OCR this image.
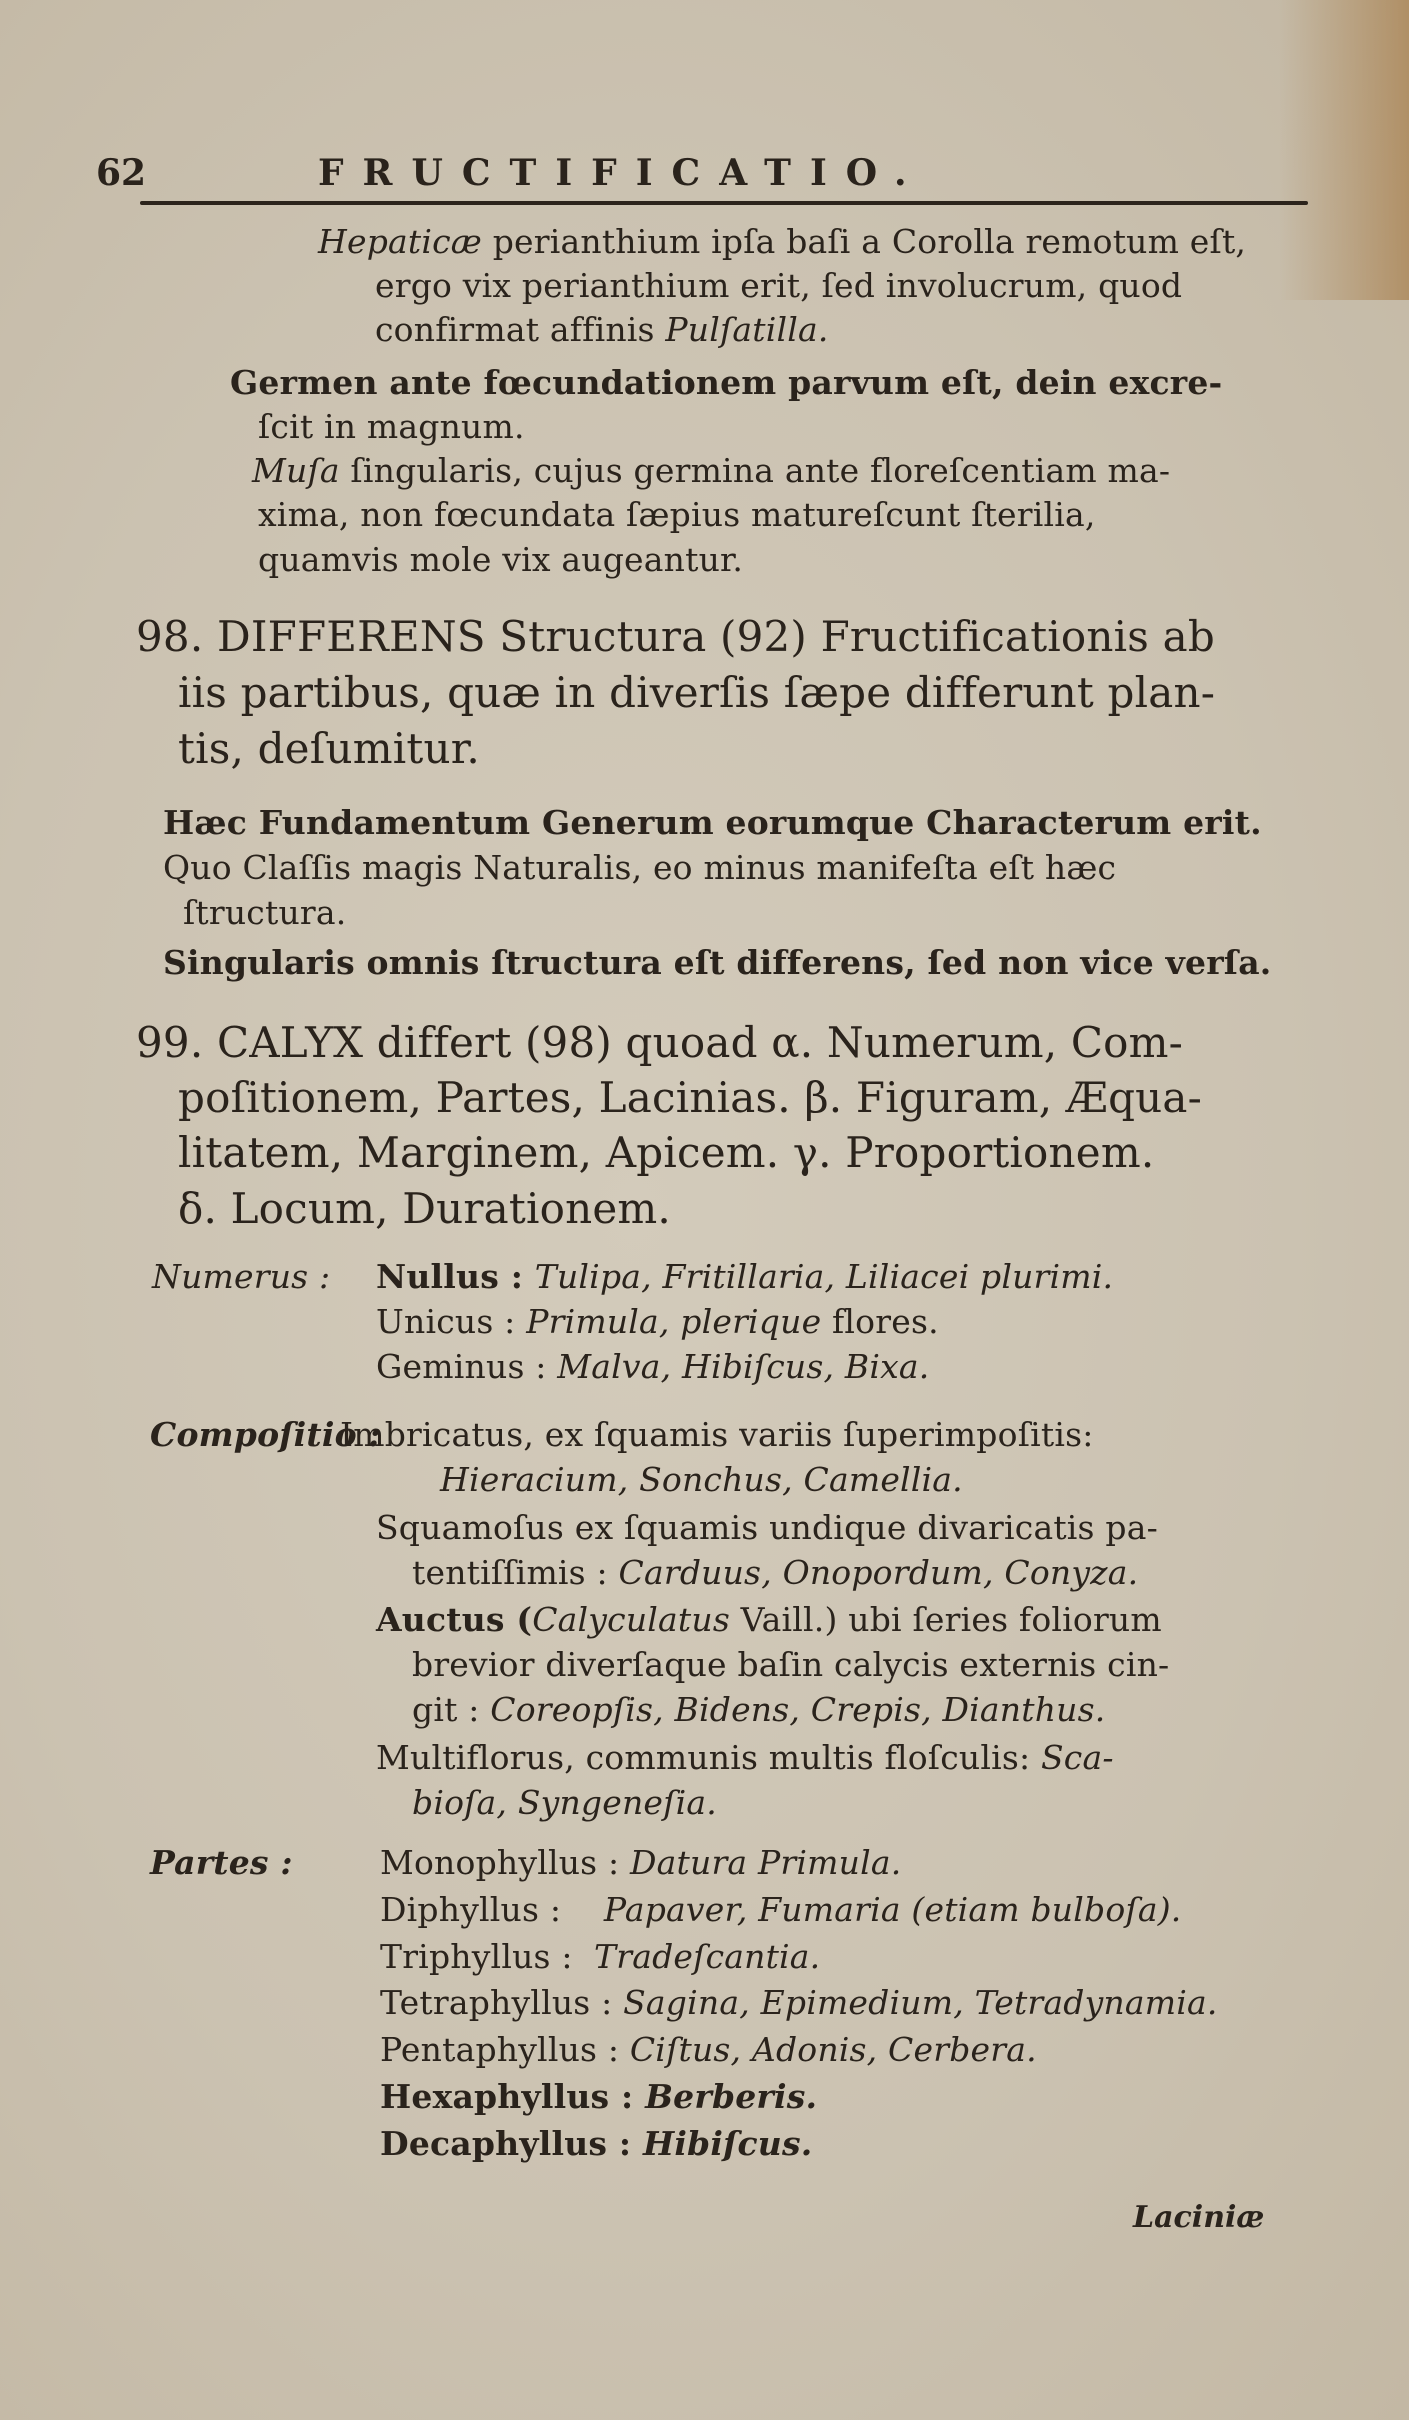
62	FRUCTIFICATIO.
Hepaticæ perianthium ipſa baſi a Corolla remotum eſt,
ergo vix perianthium erit, ſed involucrum, quod
confirmat affinis Pulſatilla.
Germen ante fœcundationem parvum eſt, dein excre-
ſcit in magnum.
Muſa ſingularis, cujus germina ante floreſcentiam ma-
xima, non fœcundata ſæpius matureſcunt ſterilia,
quamvis mole vix augeantur.
98. DIFFERENS Structura (92) Fructificationis ab
iis partibus, quæ in diverſis ſæpe differunt plan-
tis, deſumitur.
Hæc Fundamentum Generum eorumque Characterum erit.
Quo Claſſis magis Naturalis, eo minus manifeſta eſt hæc
ſtructura.
Singularis omnis ſtructura eſt differens, ſed non vice verſa.
99. CALYX differt (98) quoad α. Numerum, Com-
poſitionem, Partes, Lacinias. β. Figuram, Æqua-
litatem, Marginem, Apicem. γ. Proportionem.
δ. Locum, Durationem.
Numerus : Nullus : Tulipa, Fritillaria, Liliacei plurimi.
Unicus : Primula, plerique flores.
Geminus : Malva, Hibiſcus, Bixa.
Compoſitio :
Imbricatus, ex ſquamis variis ſuperimpoſitis:
Hieracium, Sonchus, Camellia.
Squamoſus ex ſquamis undique divaricatis pa-
tentiſſimis : Carduus, Onopordum, Conyza.
Auctus (Calyculatus Vaill.) ubi ſeries foliorum
brevior diverſaque baſin calycis externis cin-
git : Coreopſis, Bidens, Crepis, Dianthus.
Multiflorus, communis multis floſculis: Sca-
bioſa, Syngeneſia.
Partes :	Monophyllus : Datura Primula.
Diphyllus :    Papaver, Fumaria (etiam bulboſa).
Triphyllus :  Tradeſcantia.
Tetraphyllus : Sagina, Epimedium, Tetradynamia.
Pentaphyllus : Ciſtus, Adonis, Cerbera.
Hexaphyllus : Berberis.
Decaphyllus : Hibiſcus.
Laciniæ
